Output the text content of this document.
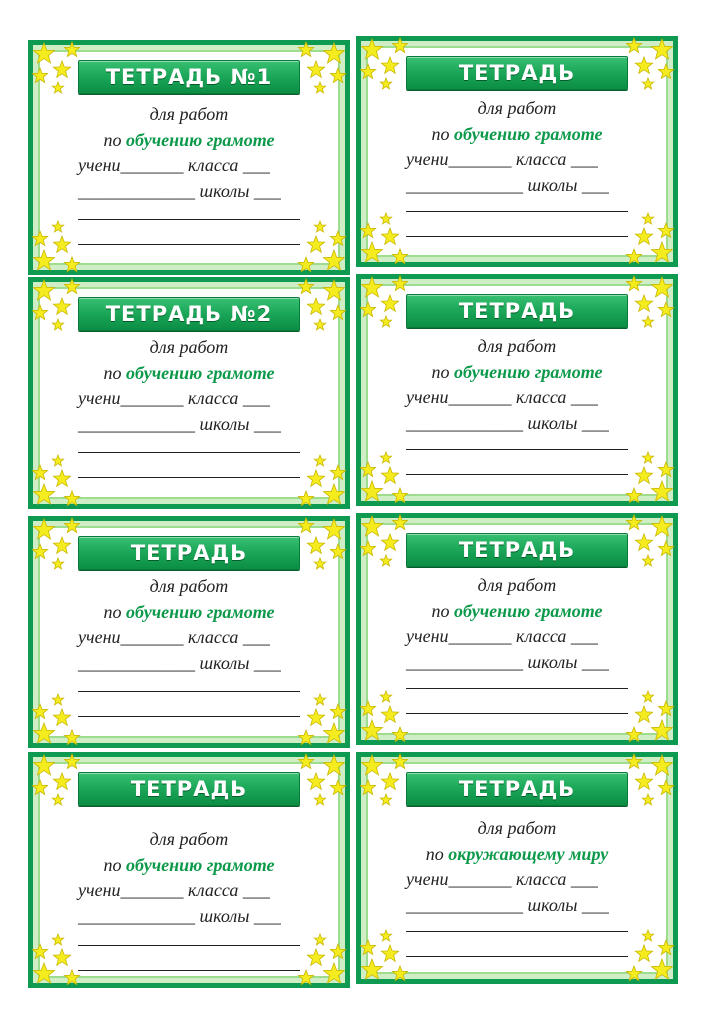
ТЕТРАДЬ №1
для работ
по обучению грамоте
учени_______ класса ___
_____________ школы ___
ТЕТРАДЬ
для работ
по обучению грамоте
учени_______ класса ___
_____________ школы ___
ТЕТРАДЬ №2
для работ
по обучению грамоте
учени_______ класса ___
_____________ школы ___
ТЕТРАДЬ
для работ
по обучению грамоте
учени_______ класса ___
_____________ школы ___
ТЕТРАДЬ
для работ
по обучению грамоте
учени_______ класса ___
_____________ школы ___
ТЕТРАДЬ
для работ
по обучению грамоте
учени_______ класса ___
_____________ школы ___
ТЕТРАДЬ
для работ
по обучению грамоте
учени_______ класса ___
_____________ школы ___
ТЕТРАДЬ
для работ
по окружающему миру
учени_______ класса ___
_____________ школы ___
